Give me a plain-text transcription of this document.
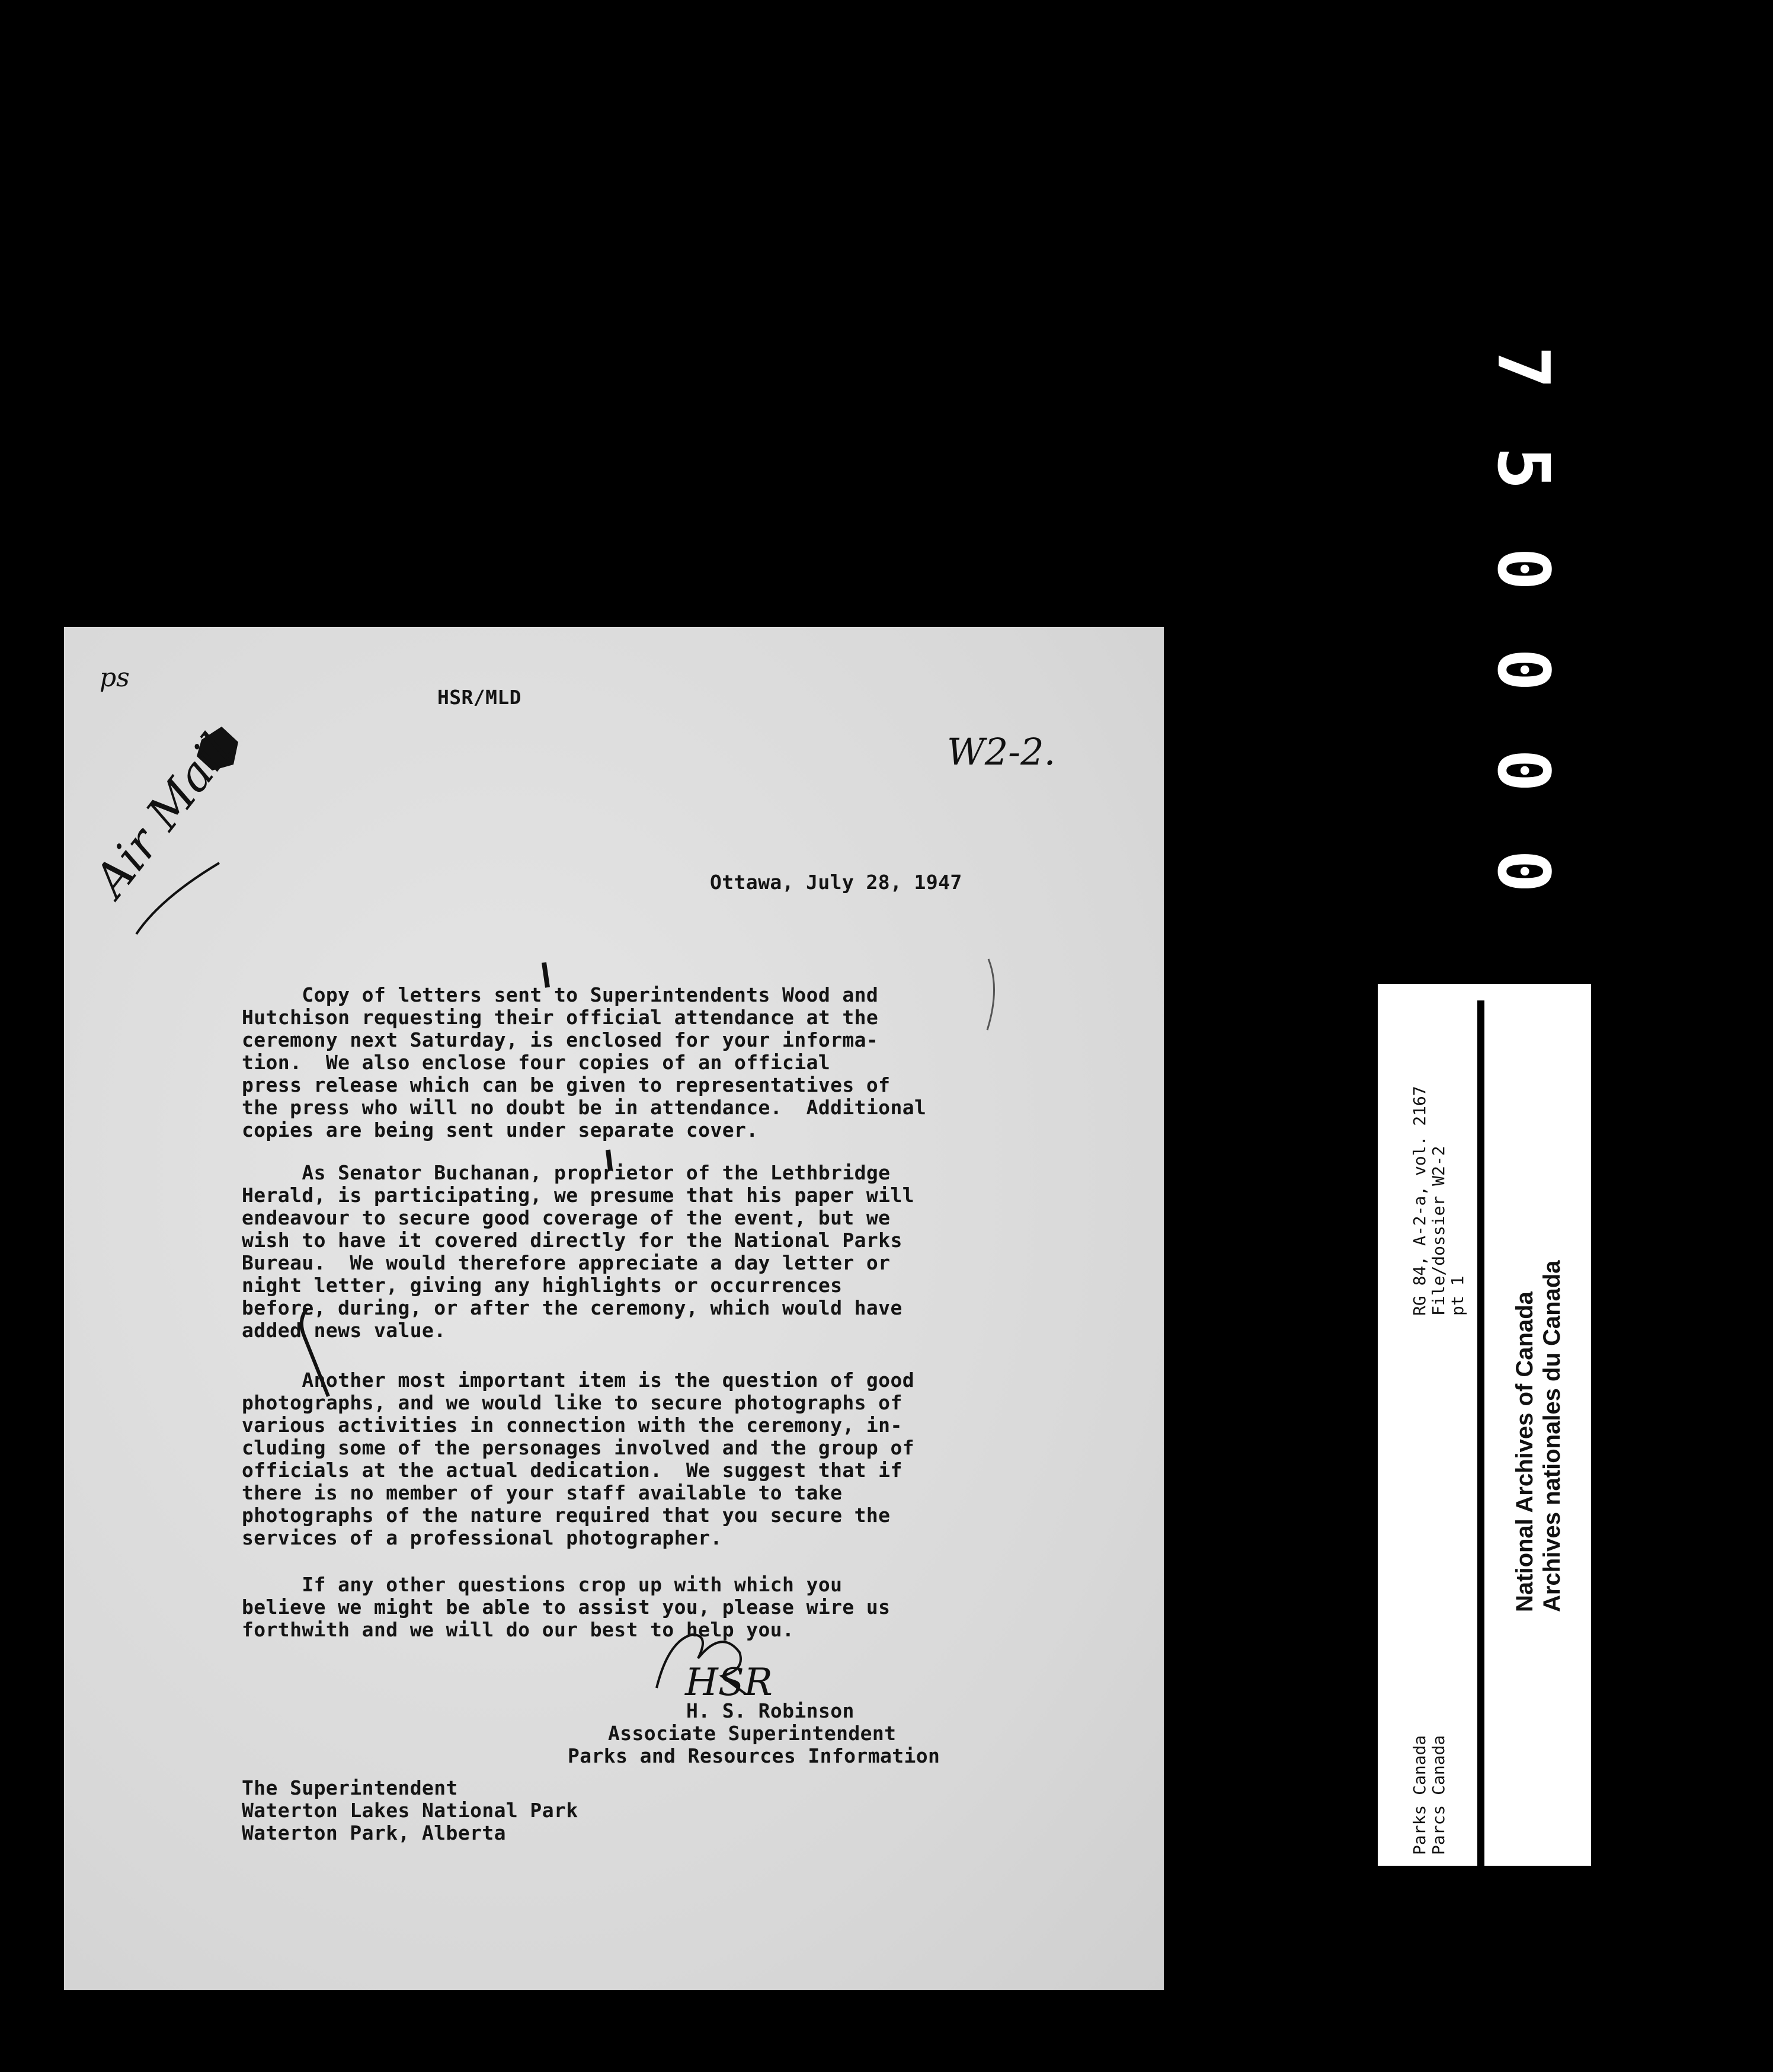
ps
W2-2.
Air Mail
HSR

HSR/MLD

Ottawa, July 28, 1947

Copy of letters sent to Superintendents Wood and
Hutchison requesting their official attendance at the
ceremony next Saturday, is enclosed for your informa-
tion.  We also enclose four copies of an official
press release which can be given to representatives of
the press who will no doubt be in attendance.  Additional
copies are being sent under separate cover.

As Senator Buchanan, proprietor of the Lethbridge
Herald, is participating, we presume that his paper will
endeavour to secure good coverage of the event, but we
wish to have it covered directly for the National Parks
Bureau.  We would therefore appreciate a day letter or
night letter, giving any highlights or occurrences
before, during, or after the ceremony, which would have
added news value.

Another most important item is the question of good
photographs, and we would like to secure photographs of
various activities in connection with the ceremony, in-
cluding some of the personages involved and the group of
officials at the actual dedication.  We suggest that if
there is no member of your staff available to take
photographs of the nature required that you secure the
services of a professional photographer.

If any other questions crop up with which you
believe we might be able to assist you, please wire us
forthwith and we will do our best to help you.

H. S. Robinson

Associate Superintendent

Parks and Resources Information

The Superintendent

Waterton Lakes National Park

Waterton Park, Alberta

7
5
0
0
0
0
RG 84, A-2-a, vol. 2167 File/dossier W2-2 pt 1
Parks Canada Parcs Canada
National Archives of Canada Archives nationales du Canada
